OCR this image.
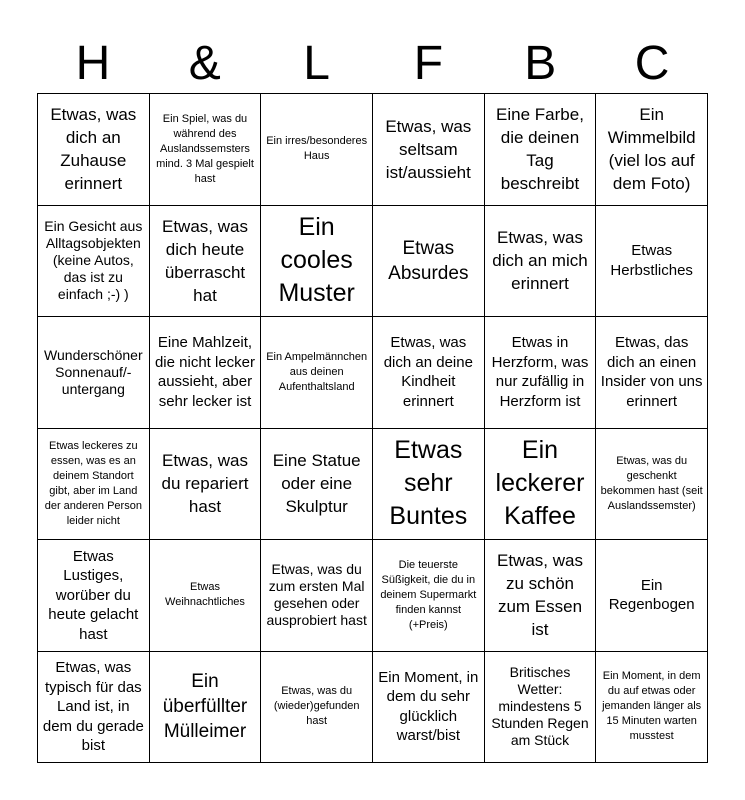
H	&	L	F	B	C
Etwas, was dich an Zuhause erinnert
Ein Spiel, was du während des Auslandssemsters mind. 3 Mal gespielt hast
Ein irres/besonderes Haus
Etwas, was seltsam ist/aussieht
Eine Farbe, die deinen Tag beschreibt
Ein Wimmelbild (viel los auf dem Foto)
Ein Gesicht aus Alltagsobjekten (keine Autos, das ist zu einfach ;-) )
Etwas, was dich heute überrascht hat
Ein cooles Muster
Etwas Absurdes
Etwas, was dich an mich erinnert
Etwas Herbstliches
Wunderschöner Sonnenauf/-untergang
Eine Mahlzeit, die nicht lecker aussieht, aber sehr lecker ist
Ein Ampelmännchen aus deinen Aufenthaltsland
Etwas, was dich an deine Kindheit erinnert
Etwas in Herzform, was nur zufällig in Herzform ist
Etwas, das dich an einen Insider von uns erinnert
Etwas leckeres zu essen, was es an deinem Standort gibt, aber im Land der anderen Person leider nicht
Etwas, was du repariert hast
Eine Statue oder eine Skulptur
Etwas sehr Buntes
Ein leckerer Kaffee
Etwas, was du geschenkt bekommen hast (seit Auslandssemster)
Etwas Lustiges, worüber du heute gelacht hast
Etwas Weihnachtliches
Etwas, was du zum ersten Mal gesehen oder ausprobiert hast
Die teuerste Süßigkeit, die du in deinem Supermarkt finden kannst (+Preis)
Etwas, was zu schön zum Essen ist
Ein Regenbogen
Etwas, was typisch für das Land ist, in dem du gerade bist
Ein überfüllter Mülleimer
Etwas, was du (wieder)gefunden hast
Ein Moment, in dem du sehr glücklich warst/bist
Britisches Wetter: mindestens 5 Stunden Regen am Stück
Ein Moment, in dem du auf etwas oder jemanden länger als 15 Minuten warten musstest
